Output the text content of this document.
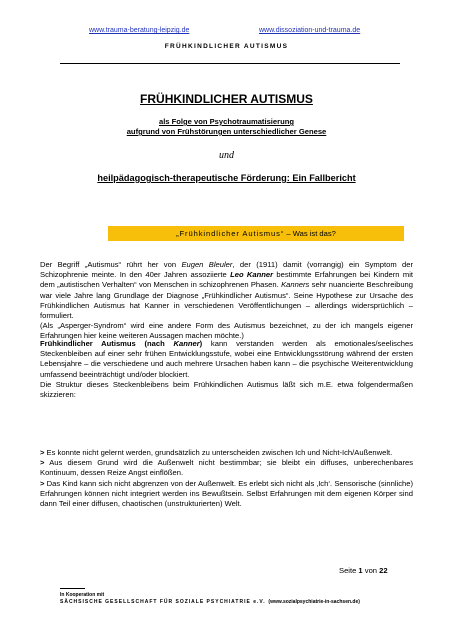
www.trauma-beratung-leipzig.de	www.dissoziation-und-trauma.de
FRÜHKINDLICHER AUTISMUS
FRÜHKINDLICHER AUTISMUS
als Folge von Psychotraumatisierung
aufgrund von Frühstörungen unterschiedlicher Genese
und
heilpädagogisch-therapeutische Förderung: Ein Fallbericht
„Frühkindlicher Autismus“ – Was ist das?

Der Begriff „Autismus“ rührt her von Eugen Bleuler, der (1911) damit (vorrangig) ein Symptom der Schizophrenie meinte. In den 40er Jahren assoziierte Leo Kanner bestimmte Erfahrungen bei Kindern mit dem „autistischen Verhalten“ von Menschen in schizophrenen Phasen. Kanners sehr nuancierte Beschreibung war viele Jahre lang Grundlage der Diagnose „Frühkindlicher Autismus“. Seine Hypothese zur Ursache des Frühkindlichen Autismus hat Kanner in verschiedenen Veröffentlichungen – allerdings widersprüchlich – formuliert.

(Als „Asperger-Syndrom“ wird eine andere Form des Autismus bezeichnet, zu der ich mangels eigener Erfahrungen hier keine weiteren Aussagen machen möchte.)

Frühkindlicher Autismus (nach Kanner) kann verstanden werden als emotionales/seelisches Steckenbleiben auf einer sehr frühen Entwicklungsstufe, wobei eine Entwicklungsstörung während der ersten Lebensjahre – die verschiedene und auch mehrere Ursachen haben kann – die psychische Weiterentwicklung umfassend beeinträchtigt und/oder blockiert.

Die Struktur dieses Steckenbleibens beim Frühkindlichen Autismus läßt sich m.E. etwa folgendermaßen skizzieren:

> Es konnte nicht gelernt werden, grundsätzlich zu unterscheiden zwischen Ich und Nicht-Ich/Außenwelt.

> Aus diesem Grund wird die Außenwelt nicht bestimmbar; sie bleibt ein diffuses, unberechenbares Kontinuum, dessen Reize Angst einflößen.

> Das Kind kann sich nicht abgrenzen von der Außenwelt. Es erlebt sich nicht als ‚Ich‘. Sensorische (sinnliche) Erfahrungen können nicht integriert werden ins Bewußtsein. Selbst Erfahrungen mit dem eigenen Körper sind dann Teil einer diffusen, chaotischen (unstrukturierten) Welt.

Seite 1 von 22
In Kooperation mit
SÄCHSISCHE GESELLSCHAFT FÜR SOZIALE PSYCHIATRIE e.V. (www.sozialpsychiatrie-in-sachsen.de)
